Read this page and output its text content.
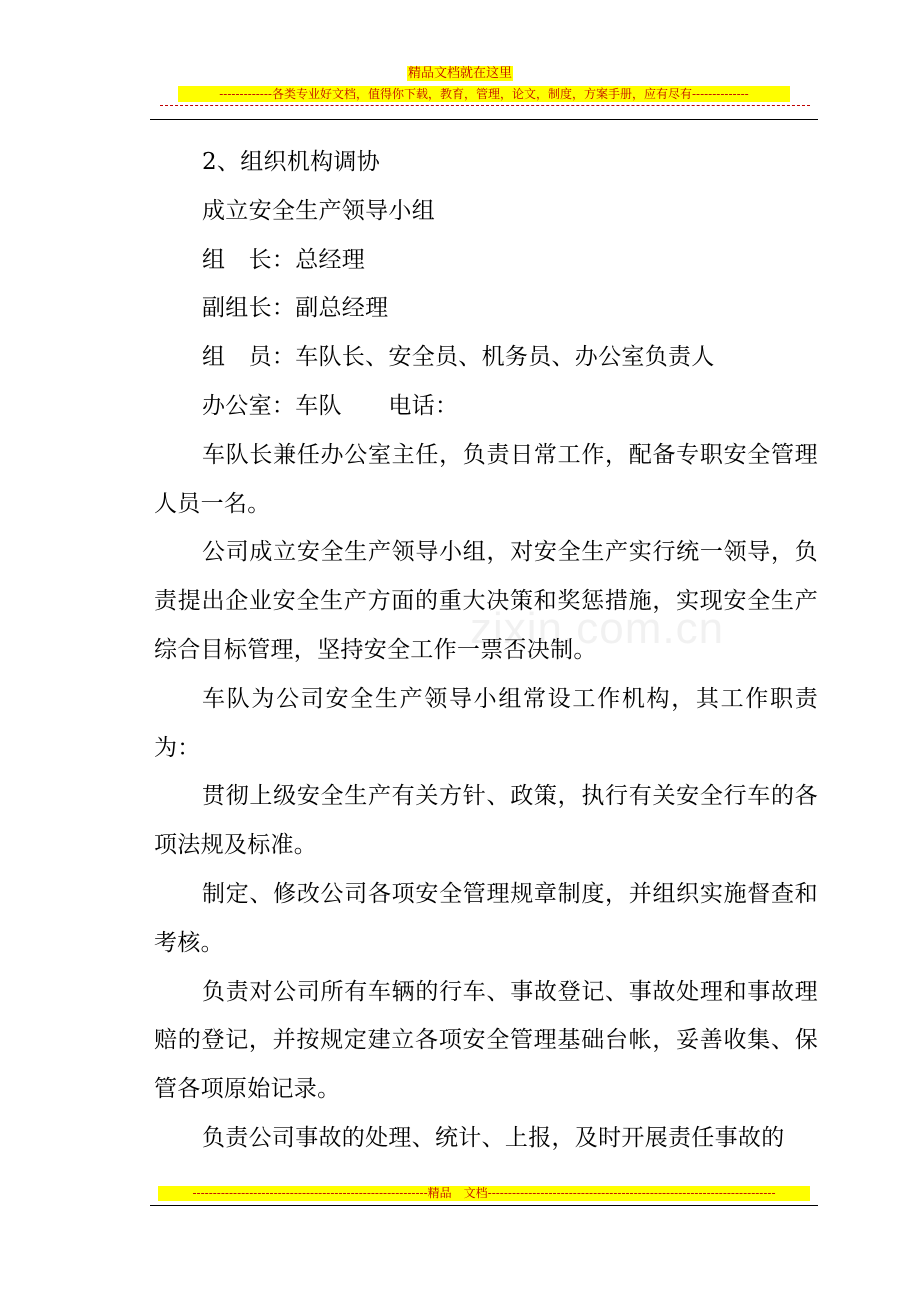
精品文档就在这里
-------------各类专业好文档，值得你下载，教育，管理，论文，制度，方案手册，应有尽有--------------
zixin.com.cn

2、组织机构调协

成立安全生产领导小组

组　长：总经理

副组长：副总经理

组　员：车队长、安全员、机务员、办公室负责人

办公室：车队　　电话：

车队长兼任办公室主任，负责日常工作，配备专职安全管理人员一名。

公司成立安全生产领导小组，对安全生产实行统一领导，负责提出企业安全生产方面的重大决策和奖惩措施，实现安全生产综合目标管理，坚持安全工作一票否决制。

车队为公司安全生产领导小组常设工作机构，其工作职责为：

贯彻上级安全生产有关方针、政策，执行有关安全行车的各项法规及标准。

制定、修改公司各项安全管理规章制度，并组织实施督查和考核。

负责对公司所有车辆的行车、事故登记、事故处理和事故理赔的登记，并按规定建立各项安全管理基础台帐，妥善收集、保管各项原始记录。

负责公司事故的处理、统计、上报，及时开展责任事故的

----------------------------------------------------------精品　文档-----------------------------------------------------------------------
